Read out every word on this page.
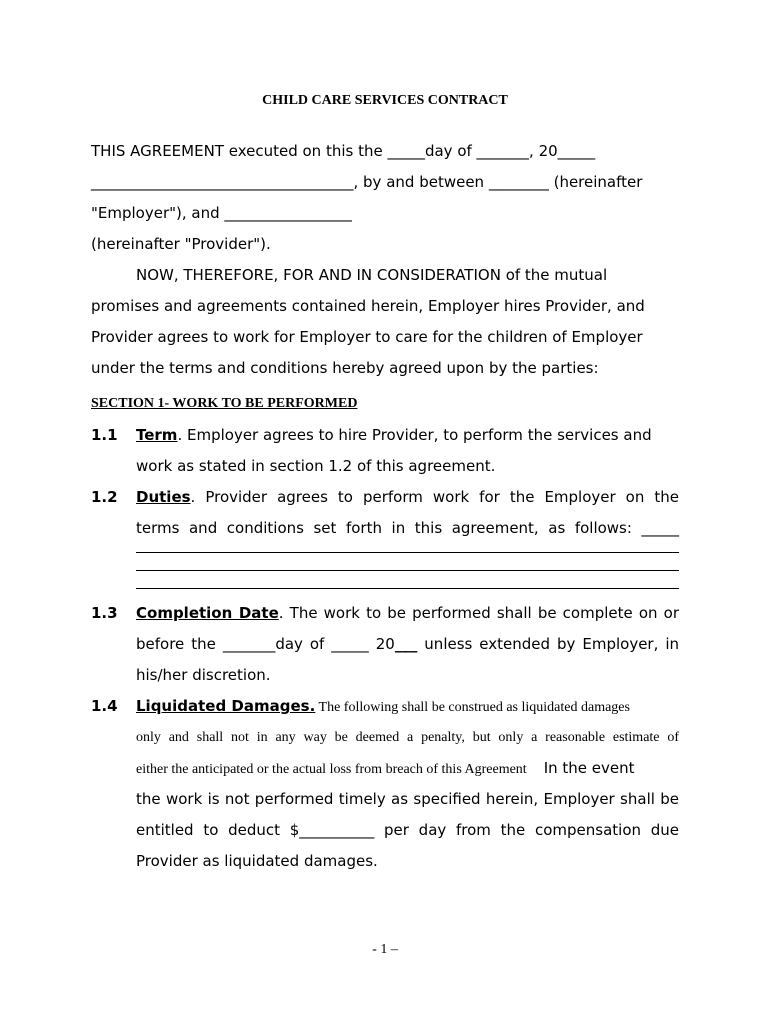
CHILD CARE SERVICES CONTRACT
THIS AGREEMENT executed on this the _____day of _______, 20_____
___________________________________, by and between ________ (hereinafter
"Employer"), and _________________
(hereinafter "Provider").
NOW, THEREFORE, FOR AND IN CONSIDERATION of the mutual
promises and agreements contained herein, Employer hires Provider, and
Provider agrees to work for Employer to care for the children of Employer
under the terms and conditions hereby agreed upon by the parties:
SECTION 1- WORK TO BE PERFORMED
1.1 Term. Employer agrees to hire Provider, to perform the services and
work as stated in section 1.2 of this agreement.
1.2 Duties. Provider agrees to perform work for the Employer on the
terms and conditions set forth in this agreement, as follows: _____
1.3 Completion Date. The work to be performed shall be complete on or
before the _______day of _____ 20___ unless extended by Employer, in
his/her discretion.
1.4 Liquidated Damages. The following shall be construed as liquidated damages
only and shall not in any way be deemed a penalty, but only a reasonable estimate of
either the anticipated or the actual loss from breach of this Agreement In the event
the work is not performed timely as specified herein, Employer shall be
entitled to deduct $__________ per day from the compensation due
Provider as liquidated damages.
- 1 –
